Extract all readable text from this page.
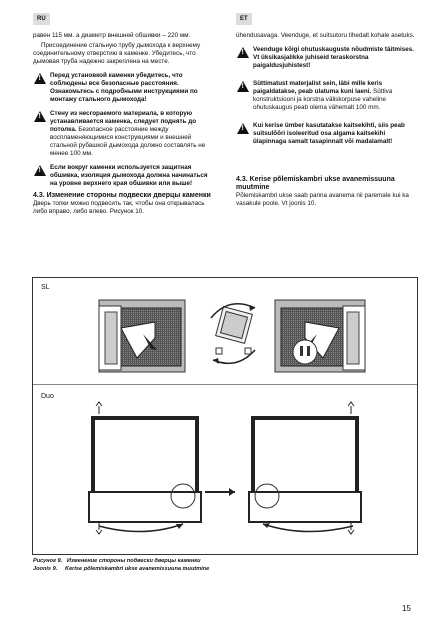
RU	ET

равен 115 мм. а диаметр внешней обшивки – 220 мм.

Присоединение стальную трубу дымохода к верхнему соединительному отверстию в каменке. Убедитесь, что дымовая труба надежно закреплена на месте.

!
Перед установкой каменки убедитесь, что соблюдены все безопасные расстояния. Ознакомьтесь с подробными инструкциями по монтажу стального дымохода!
!
Стену из несгораемого материала, в которую устанавливается каменка, следует поднять до потолка. Безопасное расстояние между воспламеняющимися конструкциями и внешней стальной рубашкой дымохода должно составлять не менее 100 мм.
!
Если вокруг каменки используется защитная обшивка, изоляция дымохода должна начинаться на уровне верхнего края обшивки или выше!
4.3. Изменение стороны подвески дверцы каменки

Дверь топки можно подвесить так, чтобы она открывалась либо вправо, либо влево. Рисунок 10.

ühendusavaga. Veenduge, et suitsutoru tihedalt kohale asetuks.

!
Veenduge kõigi ohutuskauguste nõudmiste täitmises. Vt üksikasjalikke juhiseid teraskorstna paigaldusjuhistest!
!
Süttimatust materjalist sein, läbi mille keris paigaldatakse, peab ulatuma kuni laeni. Süttiva konstruktsiooni ja korstna väliskorpuse vaheline ohutuskaugus peab olema vähemalt 100 mm.
!
Kui kerise ümber kasutatakse kaitsekihti, siis peab suitsulõõri isoleeritud osa algama kaitsekihi ülapinnaga samalt tasapinnalt või madalamalt!
4.3. Kerise põlemiskambri ukse avanemissuuna muutmine

Põlemiskambri ukse saab panna avanema nii paremale kui ka vasakule poole. Vt joonis 10.

SL
Duo
Рисунок 9. Изменение стороны подвески дверцы каменки
Joonis 9. Kerise põlemiskambri ukse avanemissuuna muutmine
15
